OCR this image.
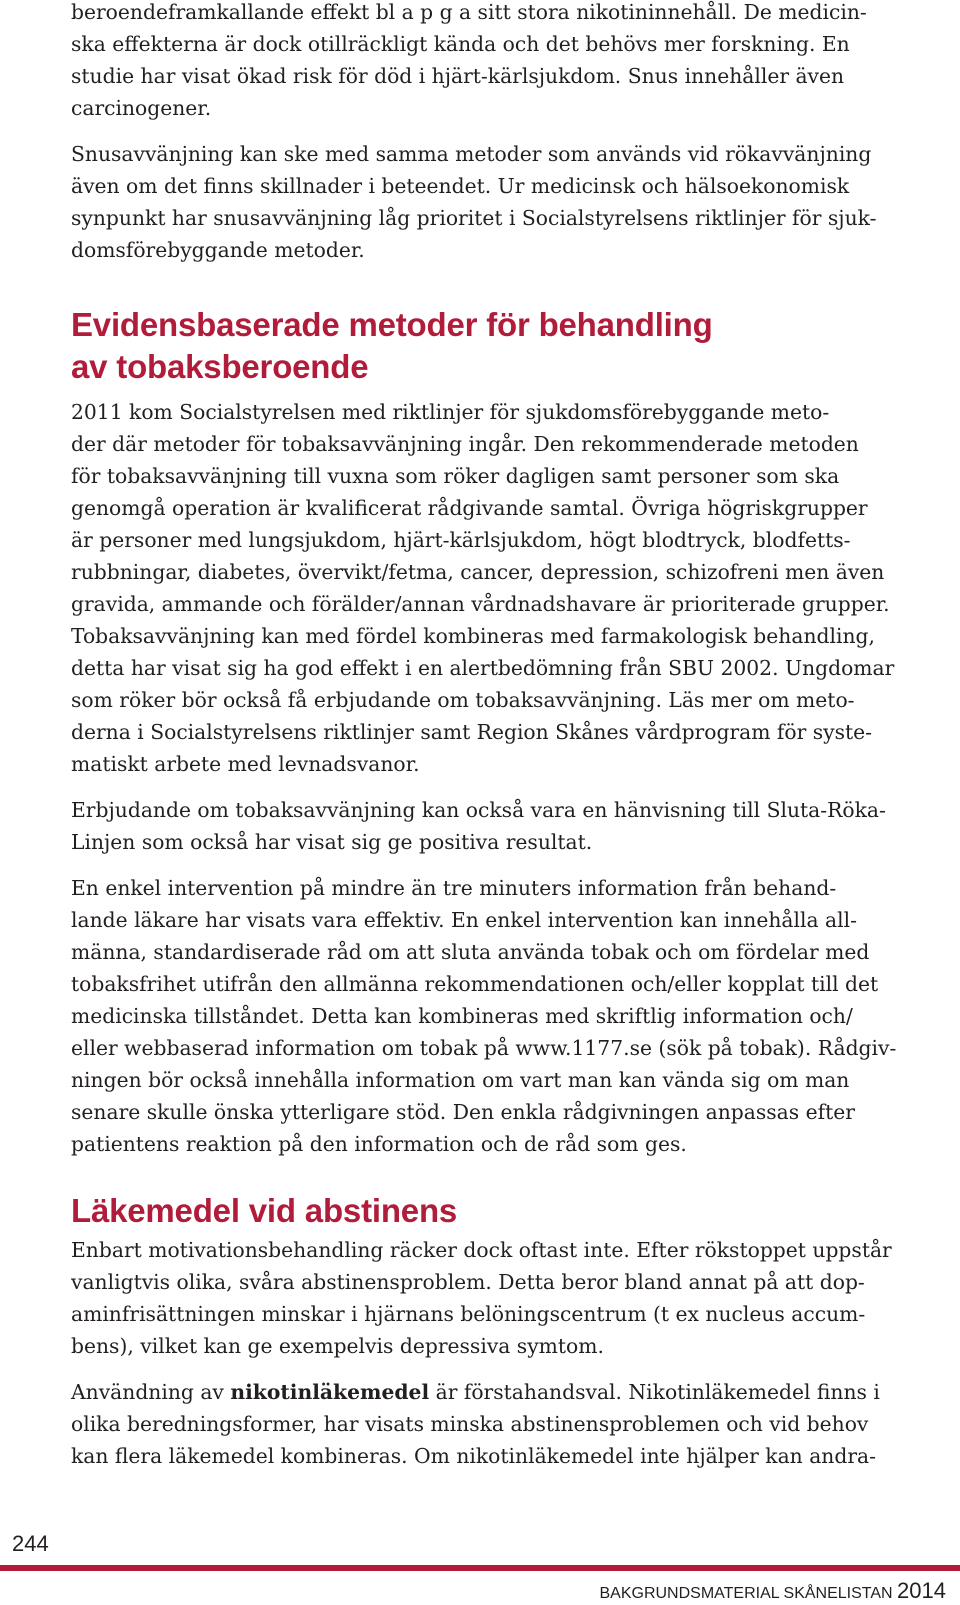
beroendeframkallande effekt bl a p g a sitt stora nikotininnehåll. De medicin-
ska effekterna är dock otillräckligt kända och det behövs mer forskning. En
studie har visat ökad risk för död i hjärt-kärlsjukdom. Snus innehåller även
carcinogener.
Snusavvänjning kan ske med samma metoder som används vid rökavvänjning
även om det finns skillnader i beteendet. Ur medicinsk och hälsoekonomisk
synpunkt har snusavvänjning låg prioritet i Socialstyrelsens riktlinjer för sjuk-
domsförebyggande metoder.
Evidensbaserade metoder för behandling
av tobaksberoende
2011 kom Socialstyrelsen med riktlinjer för sjukdomsförebyggande meto-
der där metoder för tobaksavvänjning ingår. Den rekommenderade metoden
för tobaksavvänjning till vuxna som röker dagligen samt personer som ska
genomgå operation är kvalificerat rådgivande samtal. Övriga högriskgrupper
är personer med lungsjukdom, hjärt-kärlsjukdom, högt blodtryck, blodfetts-
rubbningar, diabetes, övervikt/fetma, cancer, depression, schizofreni men även
gravida, ammande och förälder/annan vårdnadshavare är prioriterade grupper.
Tobaksavvänjning kan med fördel kombineras med farmakologisk behandling,
detta har visat sig ha god effekt i en alertbedömning från SBU 2002. Ungdomar
som röker bör också få erbjudande om tobaksavvänjning. Läs mer om meto-
derna i Socialstyrelsens riktlinjer samt Region Skånes vårdprogram för syste-
matiskt arbete med levnadsvanor.
Erbjudande om tobaksavvänjning kan också vara en hänvisning till Sluta-Röka-
Linjen som också har visat sig ge positiva resultat.
En enkel intervention på mindre än tre minuters information från behand-
lande läkare har visats vara effektiv. En enkel intervention kan innehålla all-
männa, standardiserade råd om att sluta använda tobak och om fördelar med
tobaksfrihet utifrån den allmänna rekommendationen och/eller kopplat till det
medicinska tillståndet. Detta kan kombineras med skriftlig information och/
eller webbaserad information om tobak på www.1177.se (sök på tobak). Rådgiv-
ningen bör också innehålla information om vart man kan vända sig om man
senare skulle önska ytterligare stöd. Den enkla rådgivningen anpassas efter
patientens reaktion på den information och de råd som ges.
Läkemedel vid abstinens
Enbart motivationsbehandling räcker dock oftast inte. Efter rökstoppet uppstår
vanligtvis olika, svåra abstinensproblem. Detta beror bland annat på att dop-
aminfrisättningen minskar i hjärnans belöningscentrum (t ex nucleus accum-
bens), vilket kan ge exempelvis depressiva symtom.
Användning av nikotinläkemedel är förstahandsval. Nikotinläkemedel finns i
olika beredningsformer, har visats minska abstinensproblemen och vid behov
kan flera läkemedel kombineras. Om nikotinläkemedel inte hjälper kan andra-
244
BAKGRUNDSMATERIAL SKÅNELISTAN 2014
